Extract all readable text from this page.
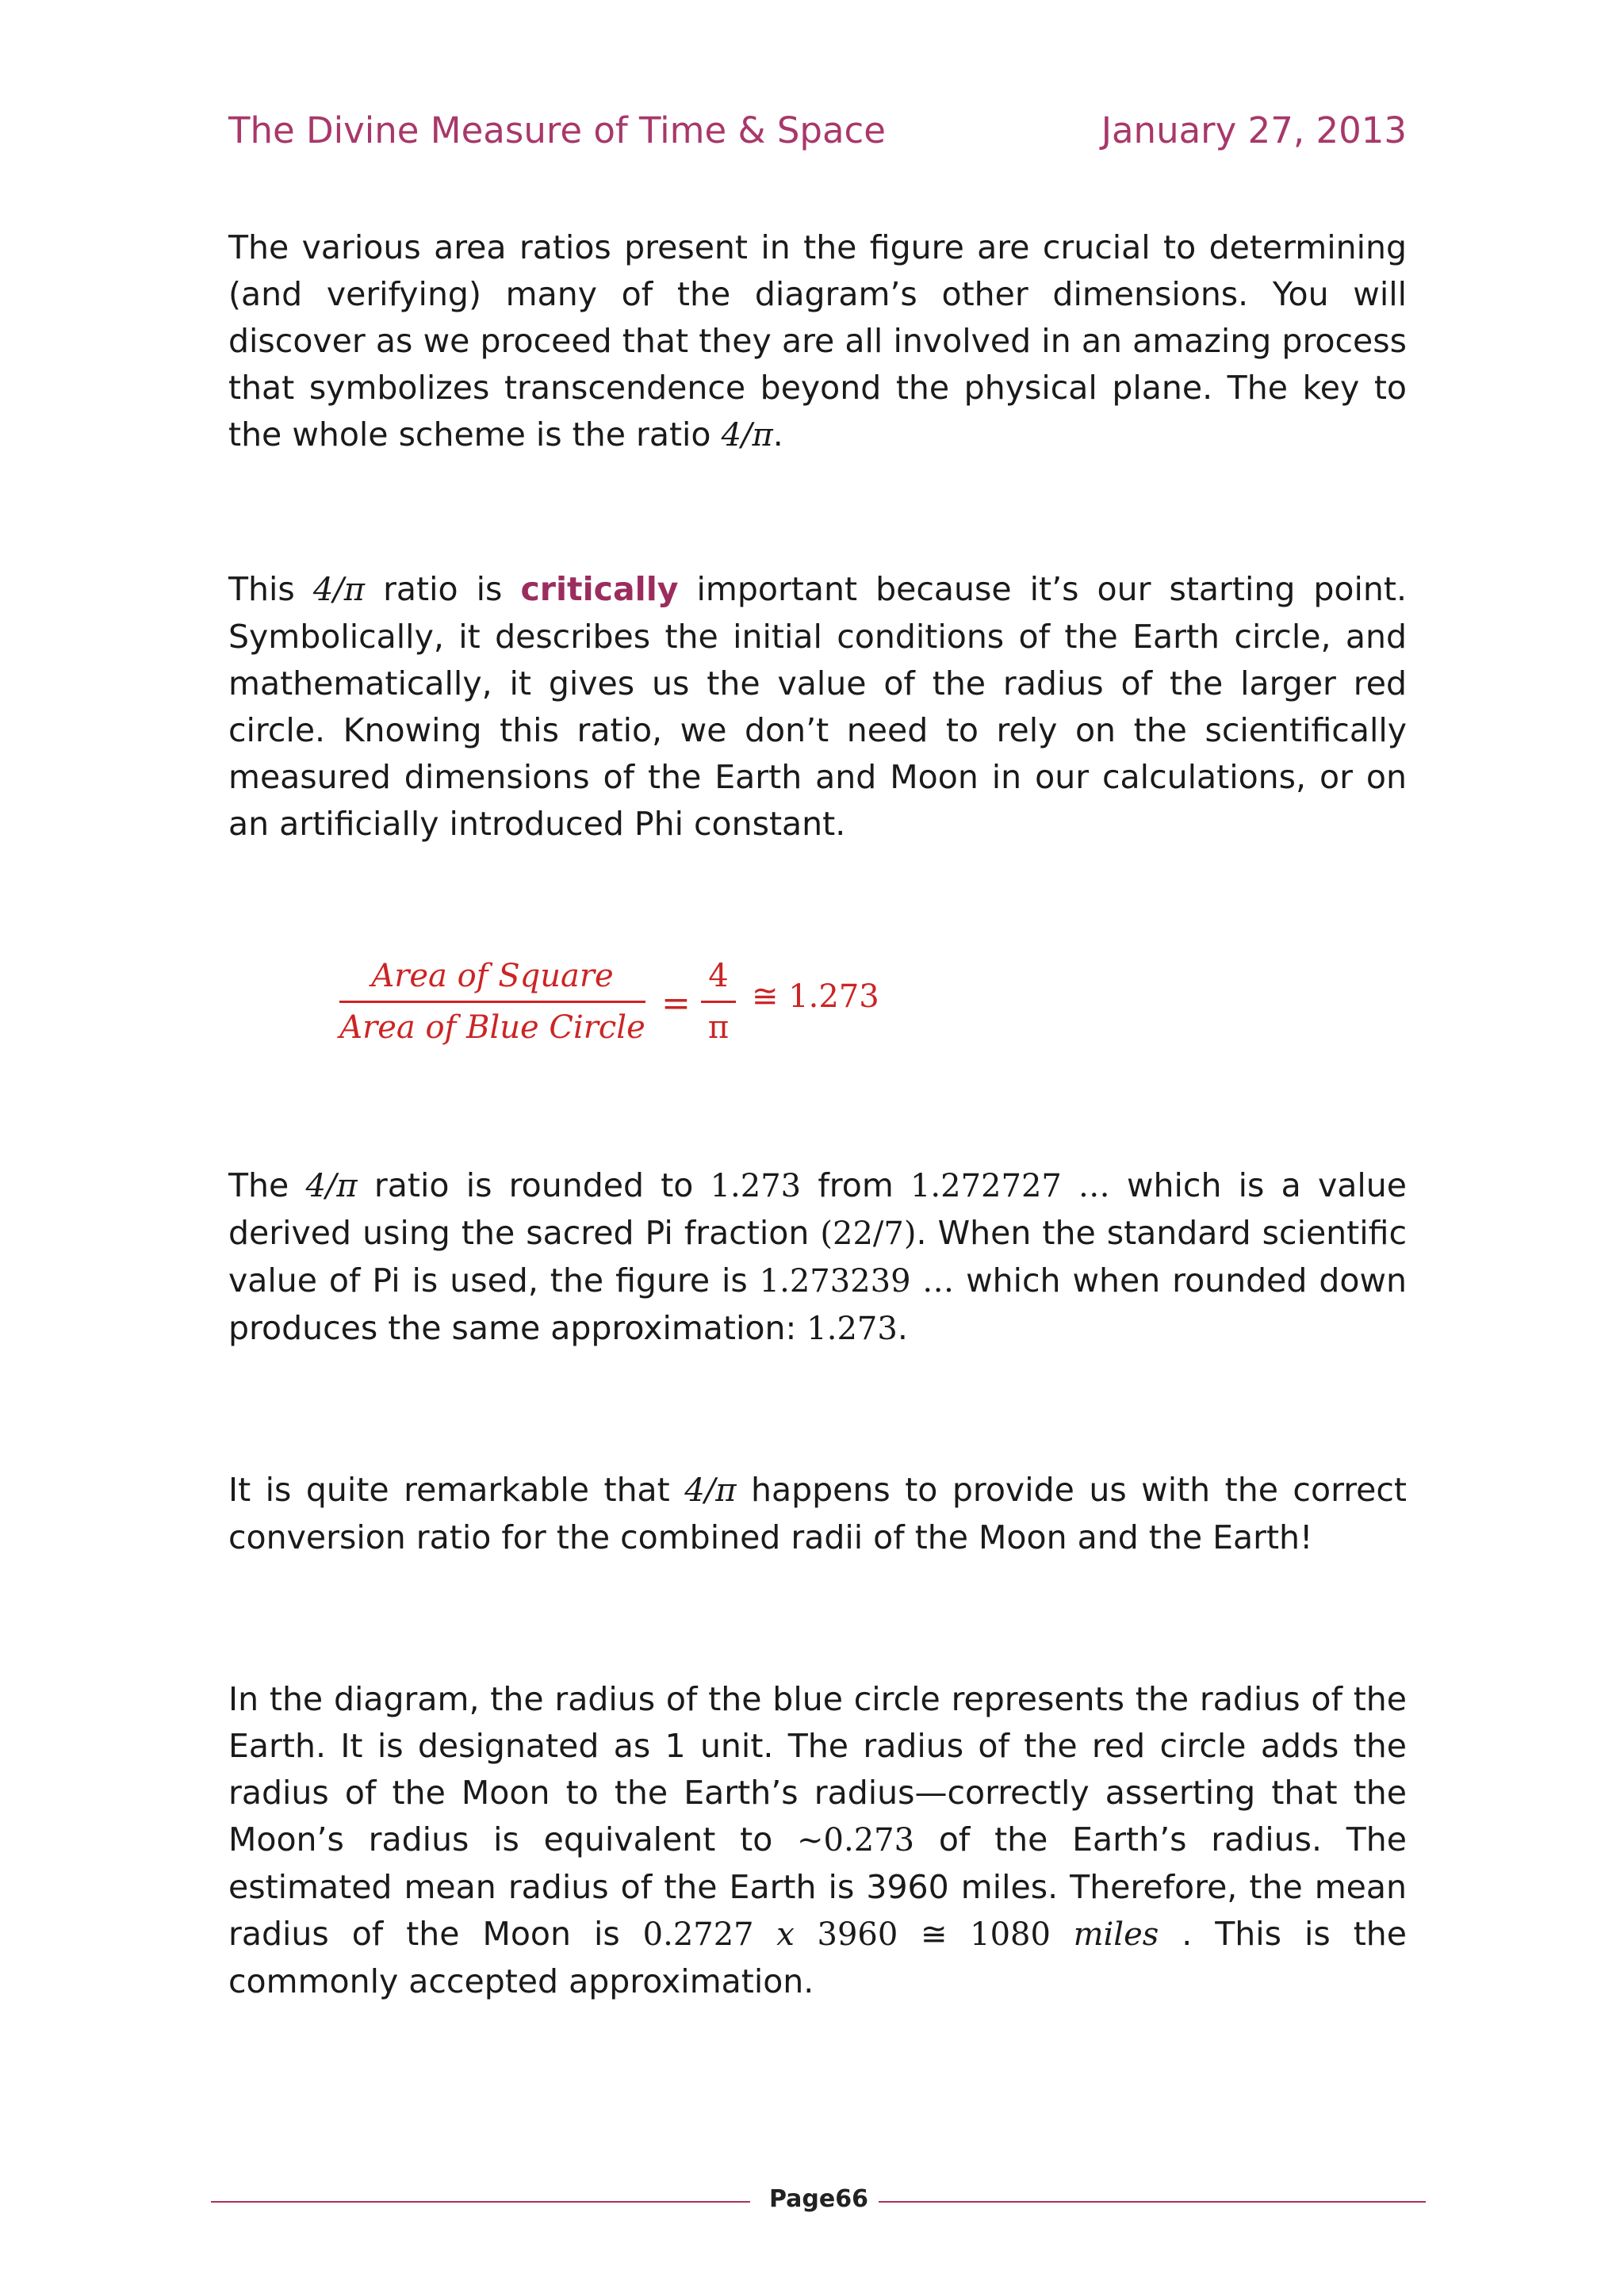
The Divine Measure of Time & Space	January 27, 2013
The various area ratios present in the figure are crucial to determining (and verifying) many of the diagram’s other dimensions. You will discover as we proceed that they are all involved in an amazing process that symbolizes transcendence beyond the physical plane. The key to the whole scheme is the ratio 4/π.
This 4/π ratio is critically important because it’s our starting point. Symbolically, it describes the initial conditions of the Earth circle, and mathematically, it gives us the value of the radius of the larger red circle. Knowing this ratio, we don’t need to rely on the scientifically measured dimensions of the Earth and Moon in our calculations, or on an artificially introduced Phi constant.
Area of Square
Area of Blue Circle
=
4
π
≅ 1.273
The 4/π ratio is rounded to 1.273 from 1.272727 … which is a value derived using the sacred Pi fraction (22/7). When the standard scientific value of Pi is used, the figure is 1.273239 … which when rounded down produces the same approximation: 1.273.
It is quite remarkable that 4/π happens to provide us with the correct conversion ratio for the combined radii of the Moon and the Earth!
In the diagram, the radius of the blue circle represents the radius of the Earth. It is designated as 1 unit. The radius of the red circle adds the radius of the Moon to the Earth’s radius—correctly asserting that the Moon’s radius is equivalent to ~0.273 of the Earth’s radius. The estimated mean radius of the Earth is 3960 miles. Therefore, the mean radius of the Moon is 0.2727 x 3960 ≅ 1080 miles . This is the commonly accepted approximation.
Page66
